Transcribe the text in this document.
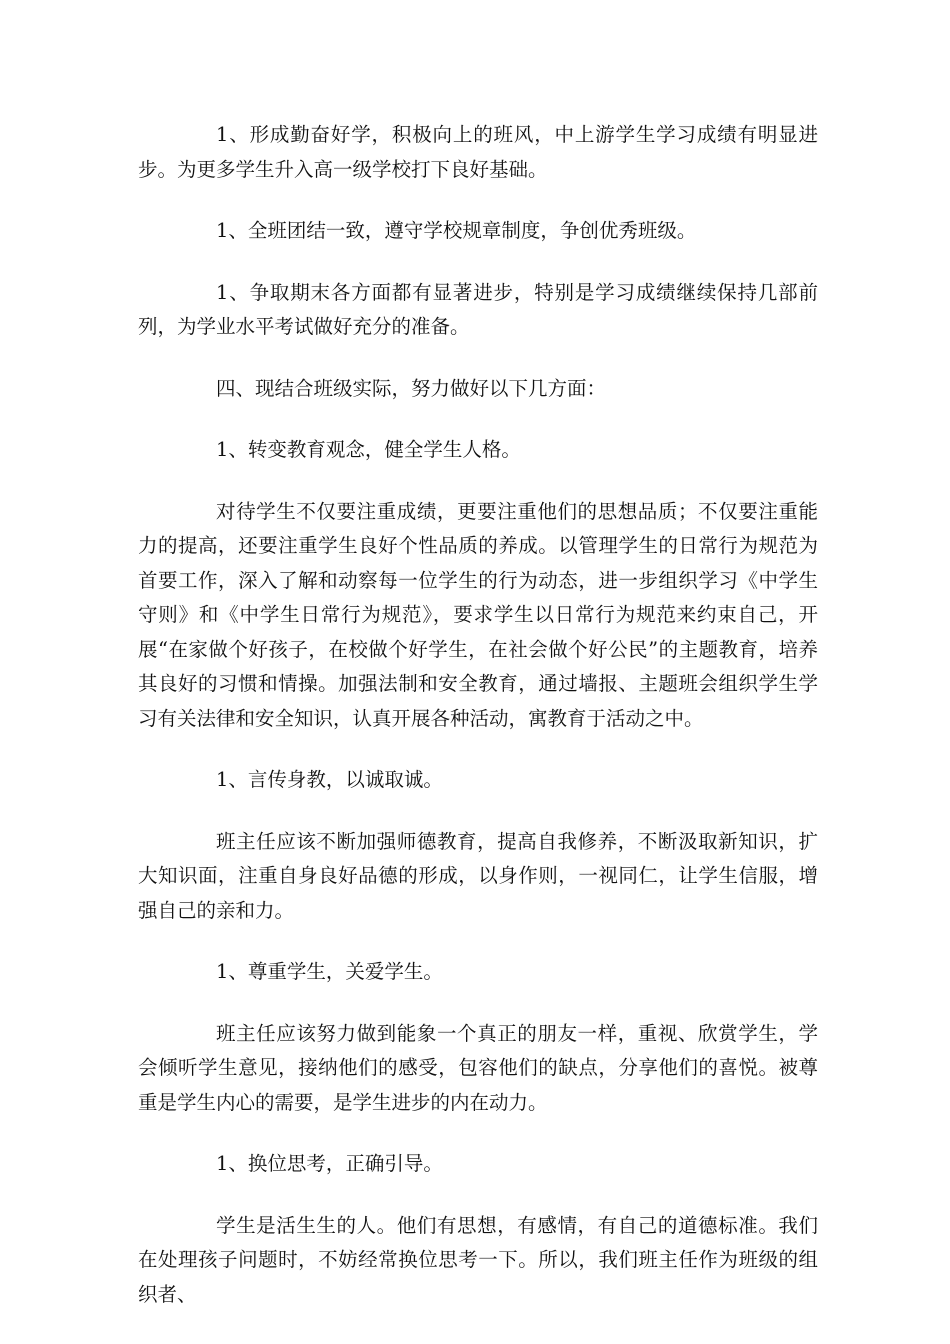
1、形成勤奋好学，积极向上的班风，中上游学生学习成绩有明显进步。为更多学生升入高一级学校打下良好基础。

1、全班团结一致，遵守学校规章制度，争创优秀班级。

1、争取期末各方面都有显著进步，特别是学习成绩继续保持几部前列，为学业水平考试做好充分的准备。

四、现结合班级实际，努力做好以下几方面：

1、转变教育观念，健全学生人格。

对待学生不仅要注重成绩，更要注重他们的思想品质；不仅要注重能力的提高，还要注重学生良好个性品质的养成。以管理学生的日常行为规范为首要工作，深入了解和动察每一位学生的行为动态，进一步组织学习《中学生守则》和《中学生日常行为规范》，要求学生以日常行为规范来约束自己，开展“在家做个好孩子，在校做个好学生，在社会做个好公民”的主题教育，培养其良好的习惯和情操。加强法制和安全教育，通过墙报、主题班会组织学生学习有关法律和安全知识，认真开展各种活动，寓教育于活动之中。

1、言传身教，以诚取诚。

班主任应该不断加强师德教育，提高自我修养，不断汲取新知识，扩大知识面，注重自身良好品德的形成，以身作则，一视同仁，让学生信服，增强自己的亲和力。

1、尊重学生，关爱学生。

班主任应该努力做到能象一个真正的朋友一样，重视、欣赏学生，学会倾听学生意见，接纳他们的感受，包容他们的缺点，分享他们的喜悦。被尊重是学生内心的需要，是学生进步的内在动力。

1、换位思考，正确引导。

学生是活生生的人。他们有思想，有感情，有自己的道德标准。我们在处理孩子问题时，不妨经常换位思考一下。所以，我们班主任作为班级的组织者、
